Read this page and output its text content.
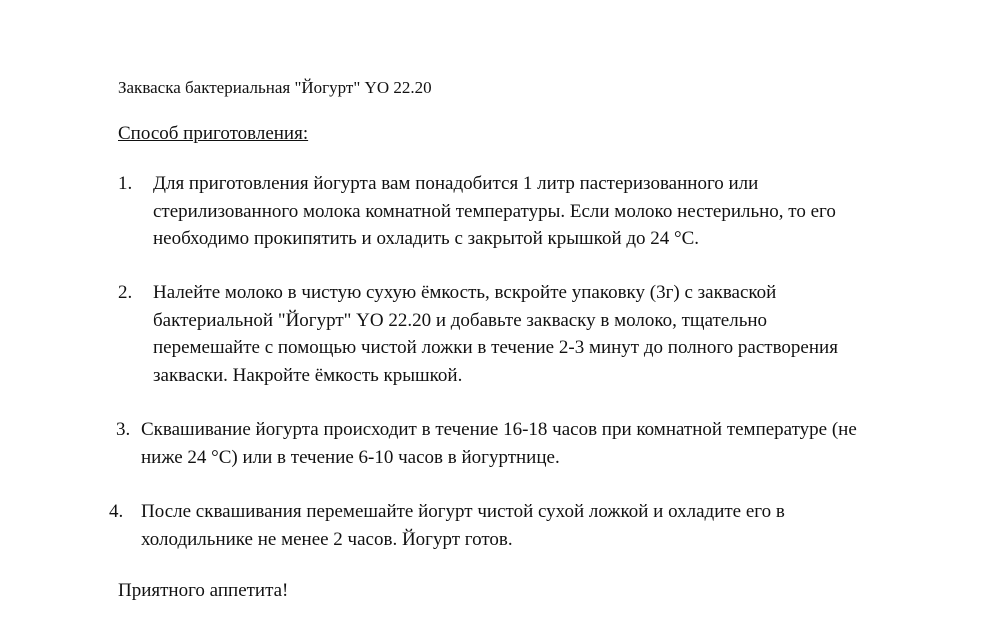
Закваска бактериальная "Йогурт" YO 22.20
Способ приготовления:
1. Для приготовления йогурта вам понадобится 1 литр пастеризованного или
стерилизованного молока комнатной температуры. Если молоко нестерильно, то его
необходимо прокипятить и охладить с закрытой крышкой до 24 °С.
2. Налейте молоко в чистую сухую ёмкость, вскройте упаковку (3г) с закваской
бактериальной "Йогурт" YO 22.20 и добавьте закваску в молоко, тщательно
перемешайте с помощью чистой ложки в течение 2-3 минут до полного растворения
закваски. Накройте ёмкость крышкой.
3. Сквашивание йогурта происходит в течение 16-18 часов при комнатной температуре (не
ниже 24 °С) или в течение 6-10 часов в йогуртнице.
4. После сквашивания перемешайте йогурт чистой сухой ложкой и охладите его в
холодильнике не менее 2 часов. Йогурт готов.
Приятного аппетита!
